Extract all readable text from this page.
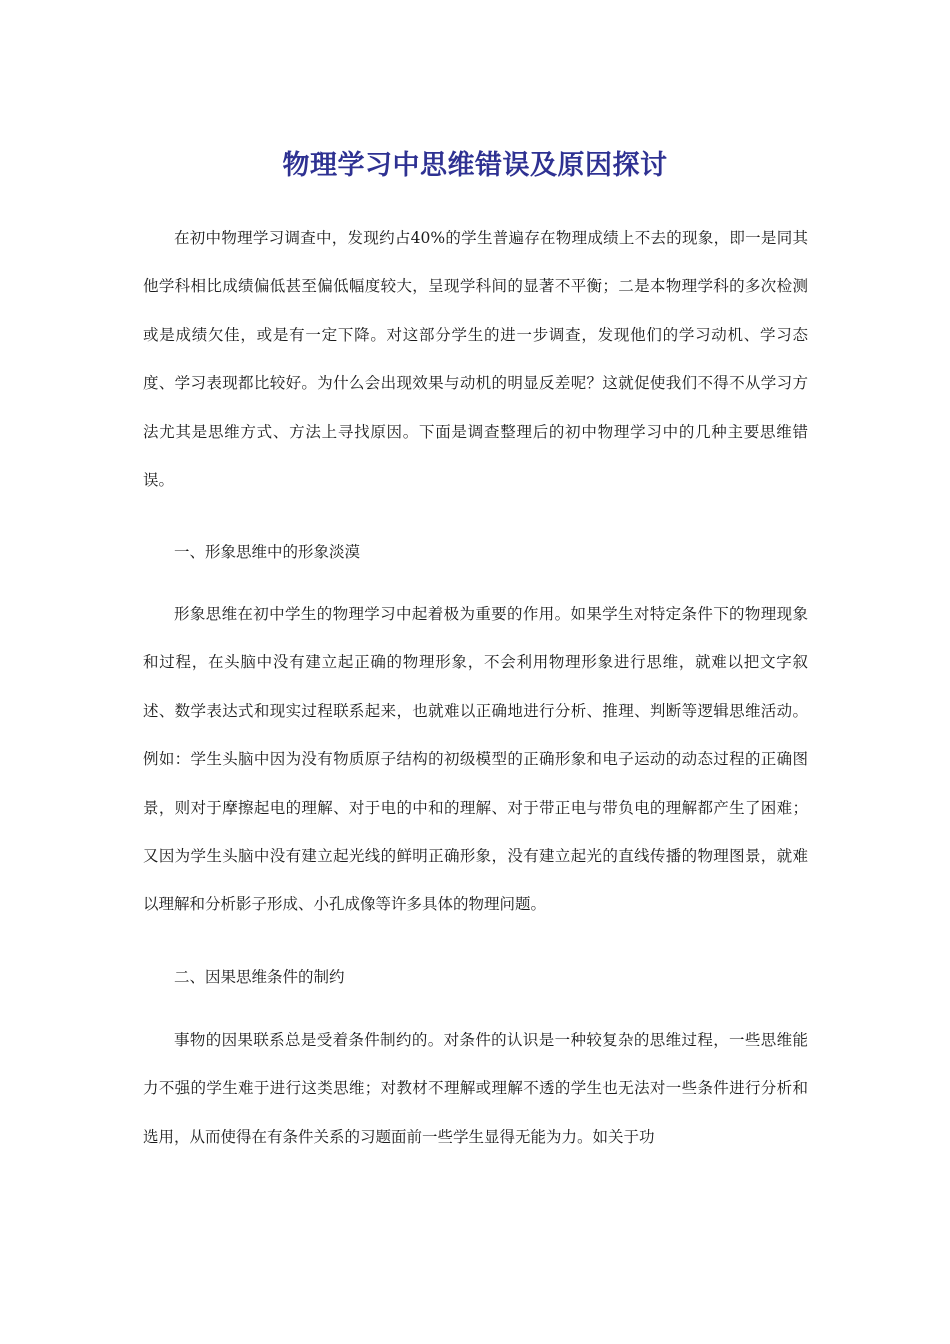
物理学习中思维错误及原因探讨

在初中物理学习调查中，发现约占40%的学生普遍存在物理成绩上不去的现象，即一是同其他学科相比成绩偏低甚至偏低幅度较大，呈现学科间的显著不平衡；二是本物理学科的多次检测或是成绩欠佳，或是有一定下降。对这部分学生的进一步调查，发现他们的学习动机、学习态度、学习表现都比较好。为什么会出现效果与动机的明显反差呢？这就促使我们不得不从学习方法尤其是思维方式、方法上寻找原因。下面是调查整理后的初中物理学习中的几种主要思维错误。

一、形象思维中的形象淡漠

形象思维在初中学生的物理学习中起着极为重要的作用。如果学生对特定条件下的物理现象和过程，在头脑中没有建立起正确的物理形象，不会利用物理形象进行思维，就难以把文字叙述、数学表达式和现实过程联系起来，也就难以正确地进行分析、推理、判断等逻辑思维活动。例如：学生头脑中因为没有物质原子结构的初级模型的正确形象和电子运动的动态过程的正确图景，则对于摩擦起电的理解、对于电的中和的理解、对于带正电与带负电的理解都产生了困难；又因为学生头脑中没有建立起光线的鲜明正确形象，没有建立起光的直线传播的物理图景，就难以理解和分析影子形成、小孔成像等许多具体的物理问题。

二、因果思维条件的制约

事物的因果联系总是受着条件制约的。对条件的认识是一种较复杂的思维过程，一些思维能力不强的学生难于进行这类思维；对教材不理解或理解不透的学生也无法对一些条件进行分析和选用，从而使得在有条件关系的习题面前一些学生显得无能为力。如关于功
